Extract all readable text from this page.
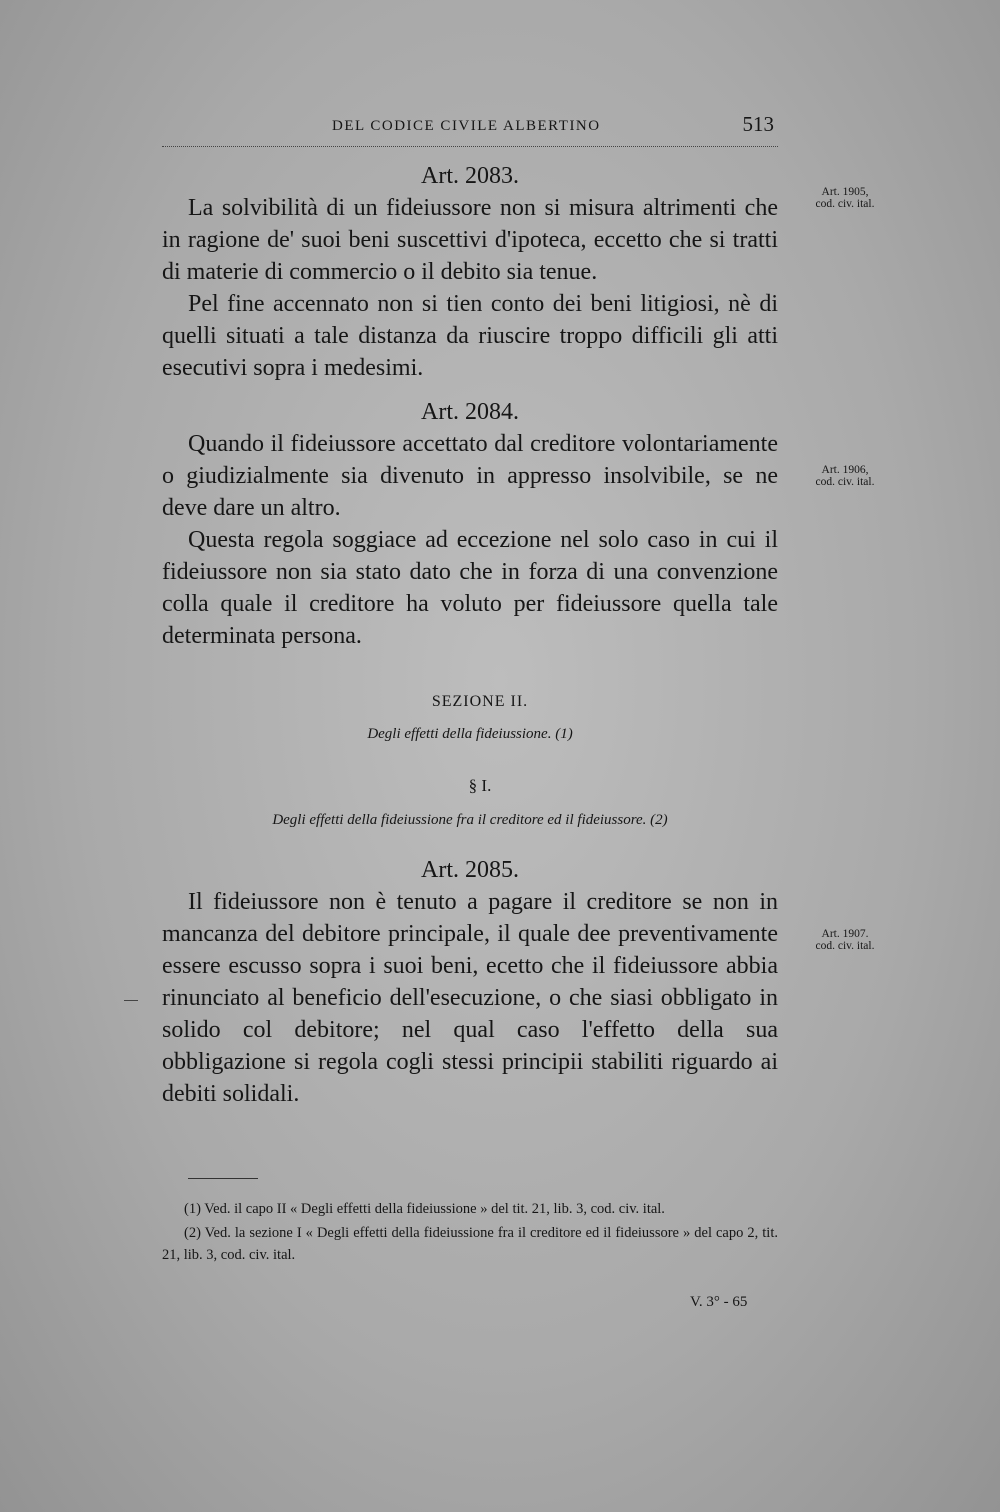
DEL CODICE CIVILE ALBERTINO	513

Art. 2083.

La solvibilità di un fideiussore non si misura altrimenti che in ragione de' suoi beni suscettivi d'ipoteca, eccetto che si tratti di materie di commercio o il debito sia tenue.

Pel fine accennato non si tien conto dei beni litigiosi, nè di quelli situati a tale distanza da riuscire troppo difficili gli atti esecutivi sopra i medesimi.

Art. 2084.

Quando il fideiussore accettato dal creditore volontariamente o giudizialmente sia divenuto in appresso insolvibile, se ne deve dare un altro.

Questa regola soggiace ad eccezione nel solo caso in cui il fideiussore non sia stato dato che in forza di una convenzione colla quale il creditore ha voluto per fideiussore quella tale determinata persona.

SEZIONE II.

Degli effetti della fideiussione. (1)

§ I.

Degli effetti della fideiussione fra il creditore ed il fideiussore. (2)

Art. 2085.

Il fideiussore non è tenuto a pagare il creditore se non in mancanza del debitore principale, il quale dee preventivamente essere escusso sopra i suoi beni, ecetto che il fideiussore abbia rinunciato al beneficio dell'esecuzione, o che siasi obbligato in solido col debitore; nel qual caso l'effetto della sua obbligazione si regola cogli stessi principii stabiliti riguardo ai debiti solidali.

Art. 1905,
cod. civ. ital.
Art. 1906,
cod. civ. ital.
Art. 1907.
cod. civ. ital.

(1) Ved. il capo II « Degli effetti della fideiussione » del tit. 21, lib. 3, cod. civ. ital.

(2) Ved. la sezione I « Degli effetti della fideiussione fra il creditore ed il fideiussore » del capo 2, tit. 21, lib. 3, cod. civ. ital.

V. 3° - 65
